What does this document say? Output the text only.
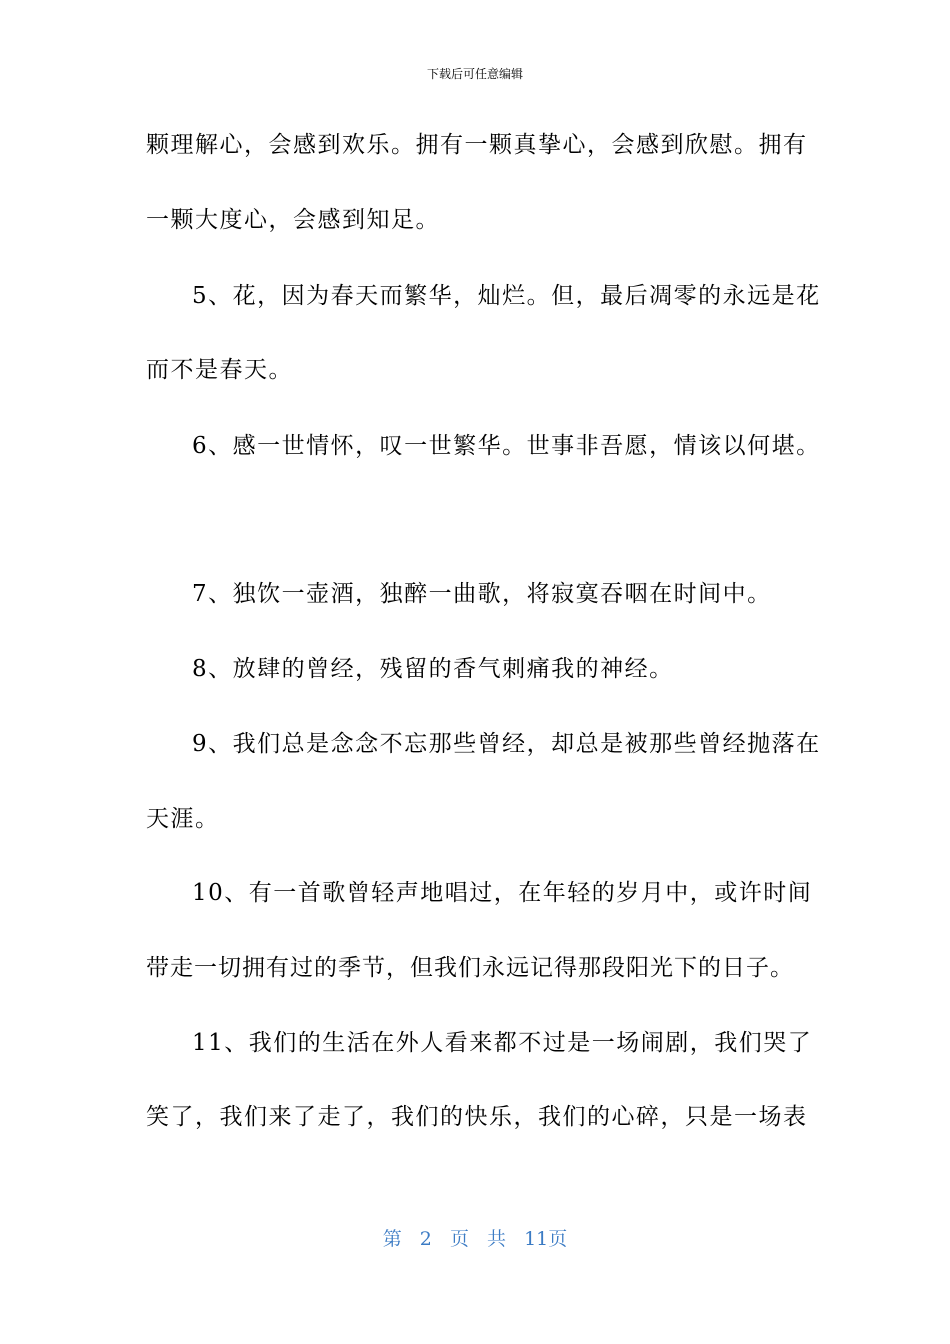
下载后可任意编辑
颗理解心，会感到欢乐。拥有一颗真挚心，会感到欣慰。拥有
一颗大度心，会感到知足。
5、花，因为春天而繁华，灿烂。但，最后凋零的永远是花
而不是春天。
6、感一世情怀，叹一世繁华。世事非吾愿，情该以何堪。
7、独饮一壶酒，独醉一曲歌，将寂寞吞咽在时间中。
8、放肆的曾经，残留的香气刺痛我的神经。
9、我们总是念念不忘那些曾经，却总是被那些曾经抛落在
天涯。
10、有一首歌曾轻声地唱过，在年轻的岁月中，或许时间
带走一切拥有过的季节，但我们永远记得那段阳光下的日子。
11、我们的生活在外人看来都不过是一场闹剧，我们哭了
笑了，我们来了走了，我们的快乐，我们的心碎，只是一场表
第 2 页 共 11页
